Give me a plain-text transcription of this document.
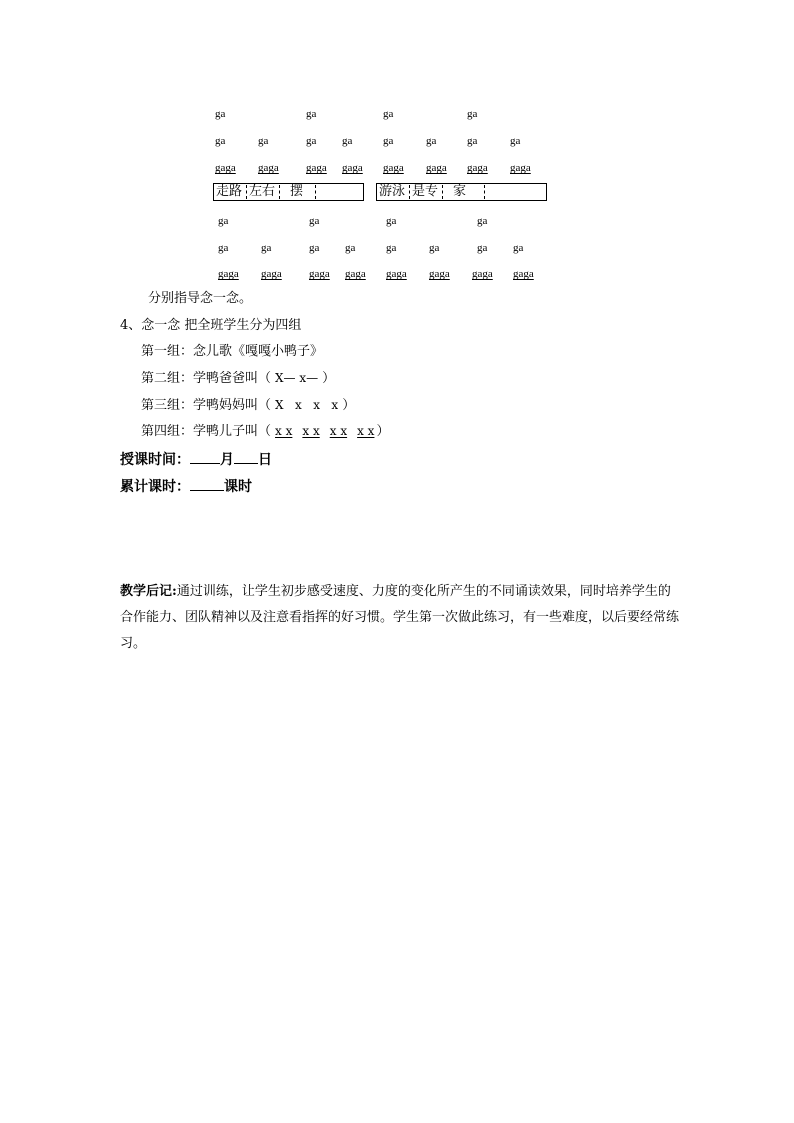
ga	ga	ga	ga
ga	ga	ga ga	ga	ga	ga	ga
gaga gaga gaga gaga gaga gaga gaga gaga
走路 左右	摆	游泳 是专	家
ga	ga	ga	ga
ga	ga	ga ga	ga	ga	ga ga
gaga gaga gaga gaga gaga gaga gaga gaga
分别指导念一念。
4、念一念 把全班学生分为四组
第一组：念儿歌《嘎嘎小鸭子》
第二组：学鸭爸爸叫（ X— x— ）
第三组：学鸭妈妈叫（ X   x   x   x ）
第四组：学鸭儿子叫（ x x x x x x x x ）
授课时间： 月 日
累计课时： 课时
教学后记:通过训练，让学生初步感受速度、力度的变化所产生的不同诵读效果，同时培养学生的合作能力、团队精神以及注意看指挥的好习惯。学生第一次做此练习，有一些难度，以后要经常练习。
